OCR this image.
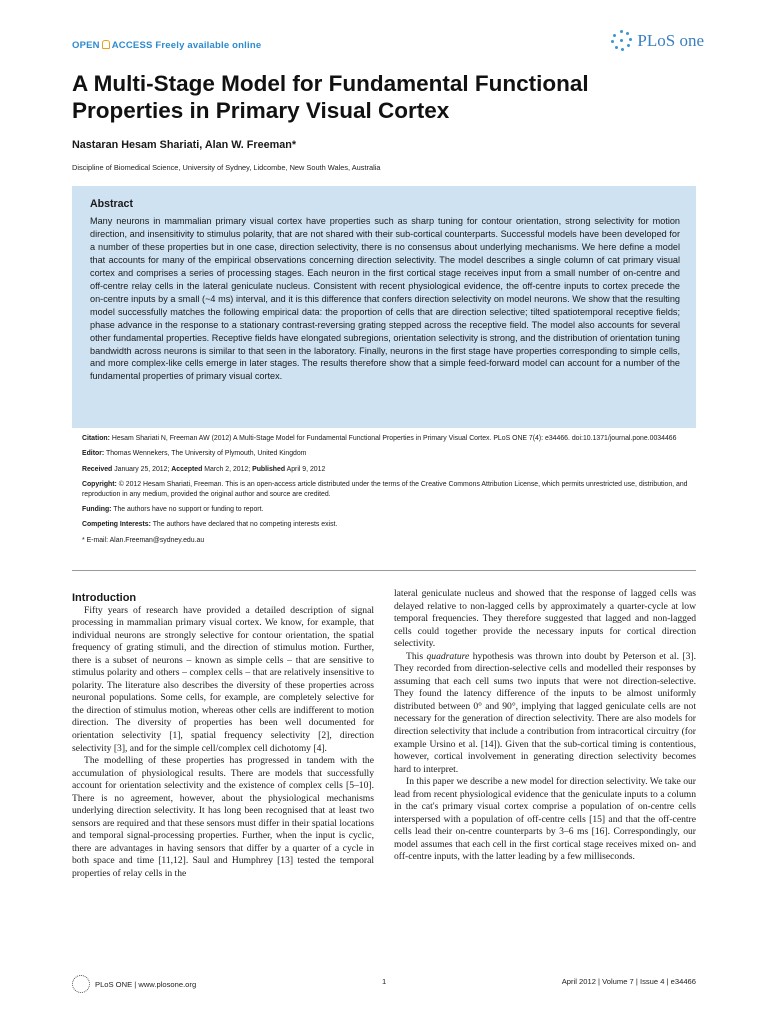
OPEN ACCESS Freely available online	PLoS one
A Multi-Stage Model for Fundamental Functional Properties in Primary Visual Cortex
Nastaran Hesam Shariati, Alan W. Freeman*
Discipline of Biomedical Science, University of Sydney, Lidcombe, New South Wales, Australia
Abstract
Many neurons in mammalian primary visual cortex have properties such as sharp tuning for contour orientation, strong selectivity for motion direction, and insensitivity to stimulus polarity, that are not shared with their sub-cortical counterparts. Successful models have been developed for a number of these properties but in one case, direction selectivity, there is no consensus about underlying mechanisms. We here define a model that accounts for many of the empirical observations concerning direction selectivity. The model describes a single column of cat primary visual cortex and comprises a series of processing stages. Each neuron in the first cortical stage receives input from a small number of on-centre and off-centre relay cells in the lateral geniculate nucleus. Consistent with recent physiological evidence, the off-centre inputs to cortex precede the on-centre inputs by a small (~4 ms) interval, and it is this difference that confers direction selectivity on model neurons. We show that the resulting model successfully matches the following empirical data: the proportion of cells that are direction selective; tilted spatiotemporal receptive fields; phase advance in the response to a stationary contrast-reversing grating stepped across the receptive field. The model also accounts for several other fundamental properties. Receptive fields have elongated subregions, orientation selectivity is strong, and the distribution of orientation tuning bandwidth across neurons is similar to that seen in the laboratory. Finally, neurons in the first stage have properties corresponding to simple cells, and more complex-like cells emerge in later stages. The results therefore show that a simple feed-forward model can account for a number of the fundamental properties of primary visual cortex.

Citation: Hesam Shariati N, Freeman AW (2012) A Multi-Stage Model for Fundamental Functional Properties in Primary Visual Cortex. PLoS ONE 7(4): e34466. doi:10.1371/journal.pone.0034466

Editor: Thomas Wennekers, The University of Plymouth, United Kingdom

Received January 25, 2012; Accepted March 2, 2012; Published April 9, 2012

Copyright: © 2012 Hesam Shariati, Freeman. This is an open-access article distributed under the terms of the Creative Commons Attribution License, which permits unrestricted use, distribution, and reproduction in any medium, provided the original author and source are credited.

Funding: The authors have no support or funding to report.

Competing Interests: The authors have declared that no competing interests exist.

* E-mail: Alan.Freeman@sydney.edu.au

Introduction

Fifty years of research have provided a detailed description of signal processing in mammalian primary visual cortex. We know, for example, that individual neurons are strongly selective for contour orientation, the spatial frequency of grating stimuli, and the direction of stimulus motion. Further, there is a subset of neurons – known as simple cells – that are sensitive to stimulus polarity and others – complex cells – that are relatively insensitive to polarity. The literature also describes the diversity of these properties across neuronal populations. Some cells, for example, are completely selective for the direction of stimulus motion, whereas other cells are indifferent to motion direction. The diversity of properties has been well documented for orientation selectivity [1], spatial frequency selectivity [2], direction selectivity [3], and for the simple cell/complex cell dichotomy [4].

The modelling of these properties has progressed in tandem with the accumulation of physiological results. There are models that successfully account for orientation selectivity and the existence of complex cells [5–10]. There is no agreement, however, about the physiological mechanisms underlying direction selectivity. It has long been recognised that at least two sensors are required and that these sensors must differ in their spatial locations and temporal signal-processing properties. Further, when the input is cyclic, there are advantages in having sensors that differ by a quarter of a cycle in both space and time [11,12]. Saul and Humphrey [13] tested the temporal properties of relay cells in the

lateral geniculate nucleus and showed that the response of lagged cells was delayed relative to non-lagged cells by approximately a quarter-cycle at low temporal frequencies. They therefore suggested that lagged and non-lagged cells could together provide the necessary inputs for cortical direction selectivity.

This quadrature hypothesis was thrown into doubt by Peterson et al. [3]. They recorded from direction-selective cells and modelled their responses by assuming that each cell sums two inputs that were not direction-selective. They found the latency difference of the inputs to be almost uniformly distributed between 0° and 90°, implying that lagged geniculate cells are not necessary for the generation of direction selectivity. There are also models for direction selectivity that include a contribution from intracortical circuitry (for example Ursino et al. [14]). Given that the sub-cortical timing is contentious, however, cortical involvement in generating direction selectivity becomes hard to interpret.

In this paper we describe a new model for direction selectivity. We take our lead from recent physiological evidence that the geniculate inputs to a column in the cat's primary visual cortex comprise a population of on-centre cells interspersed with a population of off-centre cells [15] and that the off-centre cells lead their on-centre counterparts by 3–6 ms [16]. Correspondingly, our model assumes that each cell in the first cortical stage receives mixed on- and off-centre inputs, with the latter leading by a few milliseconds.

PLoS ONE | www.plosone.org	1	April 2012 | Volume 7 | Issue 4 | e34466
